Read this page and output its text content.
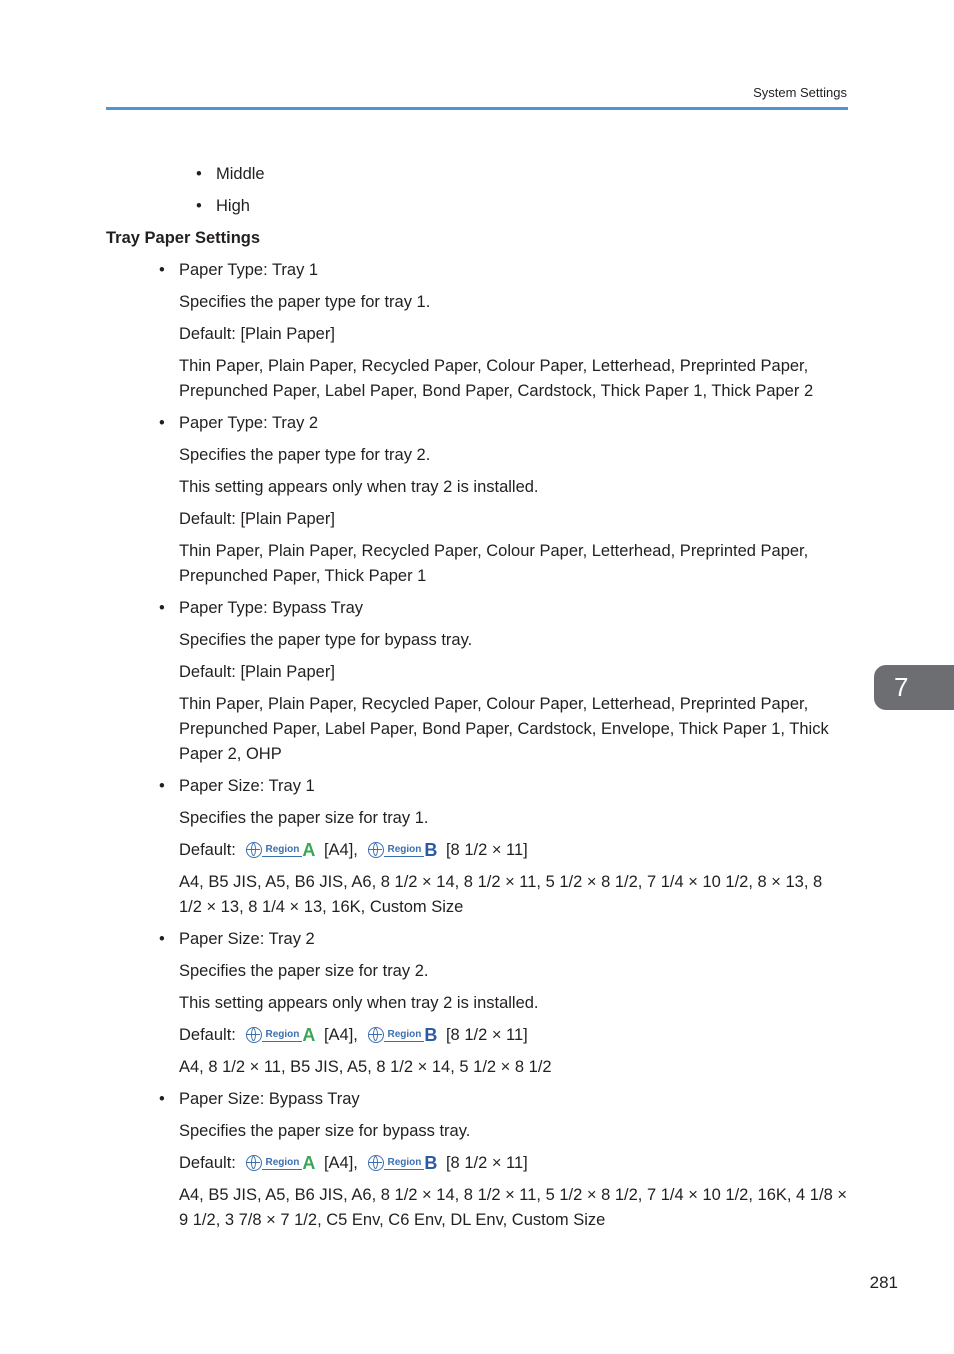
System Settings
7
281
• Middle
• High
Tray Paper Settings
• Paper Type: Tray 1
Specifies the paper type for tray 1.
Default: [Plain Paper]
Thin Paper, Plain Paper, Recycled Paper, Colour Paper, Letterhead, Preprinted Paper, Prepunched Paper, Label Paper, Bond Paper, Cardstock, Thick Paper 1, Thick Paper 2
• Paper Type: Tray 2
Specifies the paper type for tray 2.
This setting appears only when tray 2 is installed.
Default: [Plain Paper]
Thin Paper, Plain Paper, Recycled Paper, Colour Paper, Letterhead, Preprinted Paper, Prepunched Paper, Thick Paper 1
• Paper Type: Bypass Tray
Specifies the paper type for bypass tray.
Default: [Plain Paper]
Thin Paper, Plain Paper, Recycled Paper, Colour Paper, Letterhead, Preprinted Paper, Prepunched Paper, Label Paper, Bond Paper, Cardstock, Envelope, Thick Paper 1, Thick Paper 2, OHP
• Paper Size: Tray 1
Specifies the paper size for tray 1.
Default:	Region A [A4],	Region B [8 1/2 × 11]
A4, B5 JIS, A5, B6 JIS, A6, 8 1/2 × 14, 8 1/2 × 11, 5 1/2 × 8 1/2, 7 1/4 × 10 1/2, 8 × 13, 8 1/2 × 13, 8 1/4 × 13, 16K, Custom Size
• Paper Size: Tray 2
Specifies the paper size for tray 2.
This setting appears only when tray 2 is installed.
Default:	Region A [A4],	Region B [8 1/2 × 11]
A4, 8 1/2 × 11, B5 JIS, A5, 8 1/2 × 14, 5 1/2 × 8 1/2
• Paper Size: Bypass Tray
Specifies the paper size for bypass tray.
Default:	Region A [A4],	Region B [8 1/2 × 11]
A4, B5 JIS, A5, B6 JIS, A6, 8 1/2 × 14, 8 1/2 × 11, 5 1/2 × 8 1/2, 7 1/4 × 10 1/2, 16K, 4 1/8 × 9 1/2, 3 7/8 × 7 1/2, C5 Env, C6 Env, DL Env, Custom Size
